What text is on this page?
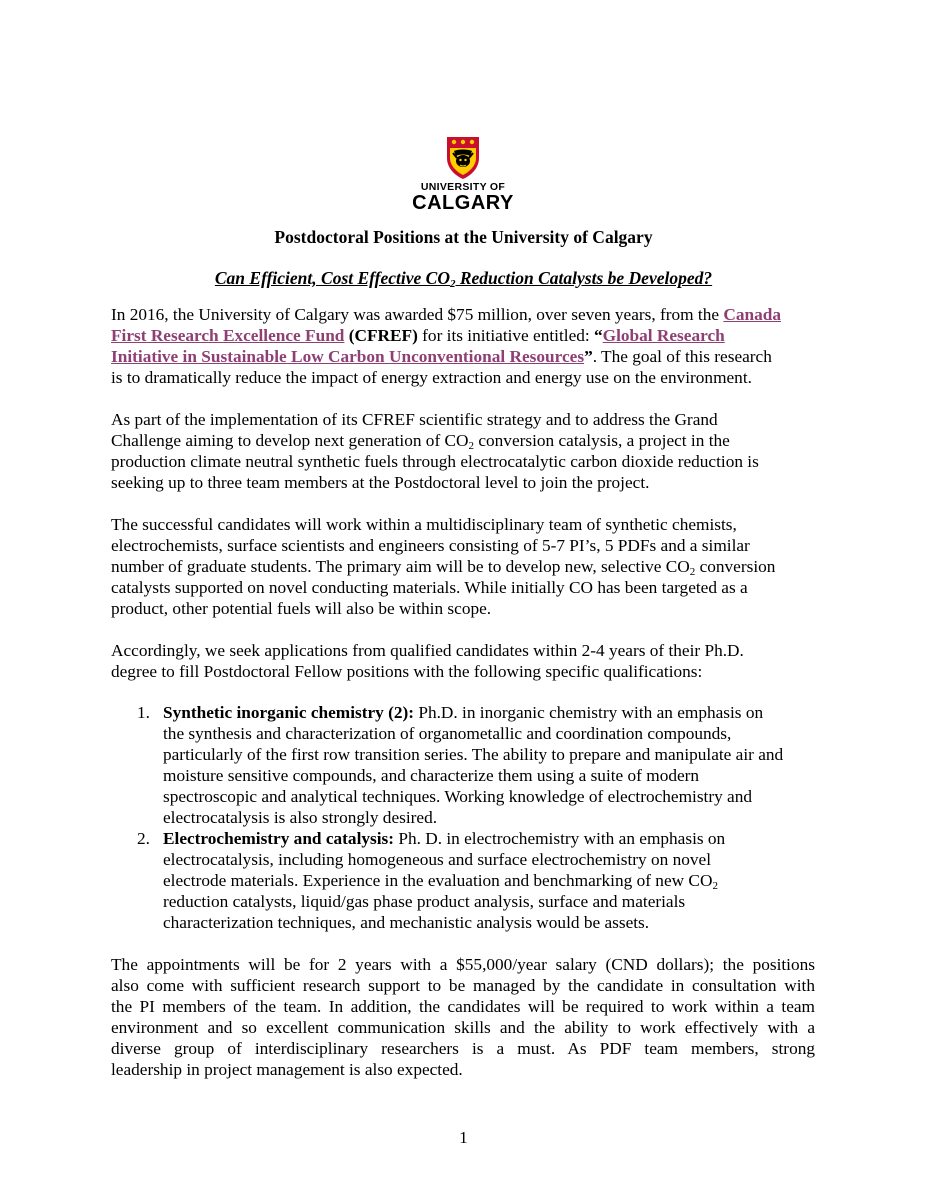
UNIVERSITY OF
CALGARY
Postdoctoral Positions at the University of Calgary
Can Efficient, Cost Effective $CO_2$ Reduction Catalysts be Developed?
In 2016, the University of Calgary was awarded $75 million, over seven years, from the Canada
First Research Excellence Fund (CFREF) for its initiative entitled: “Global Research
Initiative in Sustainable Low Carbon Unconventional Resources”. The goal of this research
is to dramatically reduce the impact of energy extraction and energy use on the environment.
As part of the implementation of its CFREF scientific strategy and to address the Grand
Challenge aiming to develop next generation of $CO_2$ conversion catalysis, a project in the
production climate neutral synthetic fuels through electrocatalytic carbon dioxide reduction is
seeking up to three team members at the Postdoctoral level to join the project.
The successful candidates will work within a multidisciplinary team of synthetic chemists,
electrochemists, surface scientists and engineers consisting of 5-7 PI’s, 5 PDFs and a similar
number of graduate students. The primary aim will be to develop new, selective $CO_2$ conversion
catalysts supported on novel conducting materials. While initially CO has been targeted as a
product, other potential fuels will also be within scope.
Accordingly, we seek applications from qualified candidates within 2-4 years of their Ph.D.
degree to fill Postdoctoral Fellow positions with the following specific qualifications:
1. Synthetic inorganic chemistry (2): Ph.D. in inorganic chemistry with an emphasis on
the synthesis and characterization of organometallic and coordination compounds,
particularly of the first row transition series. The ability to prepare and manipulate air and
moisture sensitive compounds, and characterize them using a suite of modern
spectroscopic and analytical techniques. Working knowledge of electrochemistry and
electrocatalysis is also strongly desired.
2. Electrochemistry and catalysis: Ph. D. in electrochemistry with an emphasis on
electrocatalysis, including homogeneous and surface electrochemistry on novel
electrode materials. Experience in the evaluation and benchmarking of new $CO_2$
reduction catalysts, liquid/gas phase product analysis, surface and materials
characterization techniques, and mechanistic analysis would be assets.
The appointments will be for 2 years with a $55,000/year salary (CND dollars); the positions
also come with sufficient research support to be managed by the candidate in consultation with
the PI members of the team. In addition, the candidates will be required to work within a team
environment and so excellent communication skills and the ability to work effectively with a
diverse group of interdisciplinary researchers is a must. As PDF team members, strong
leadership in project management is also expected.
1
